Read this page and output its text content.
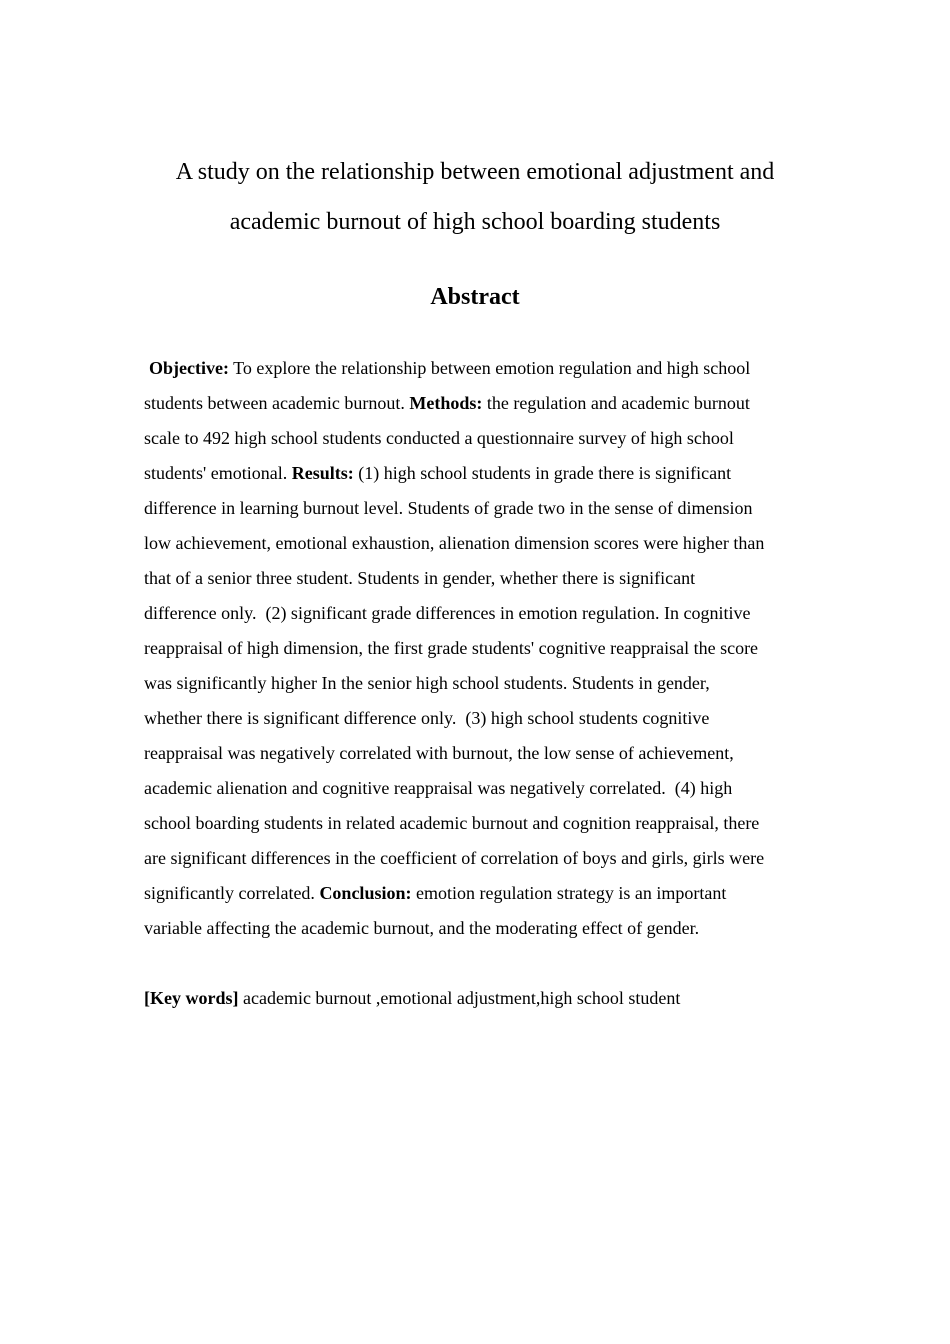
A study on the relationship between emotional adjustment and
academic burnout of high school boarding students
Abstract
Objective: To explore the relationship between emotion regulation and high school
students between academic burnout. Methods: the regulation and academic burnout
scale to 492 high school students conducted a questionnaire survey of high school
students' emotional. Results: (1) high school students in grade there is significant
difference in learning burnout level. Students of grade two in the sense of dimension
low achievement, emotional exhaustion, alienation dimension scores were higher than
that of a senior three student. Students in gender, whether there is significant
difference only.  (2) significant grade differences in emotion regulation. In cognitive
reappraisal of high dimension, the first grade students' cognitive reappraisal the score
was significantly higher In the senior high school students. Students in gender,
whether there is significant difference only.  (3) high school students cognitive
reappraisal was negatively correlated with burnout, the low sense of achievement,
academic alienation and cognitive reappraisal was negatively correlated.  (4) high
school boarding students in related academic burnout and cognition reappraisal, there
are significant differences in the coefficient of correlation of boys and girls, girls were
significantly correlated. Conclusion: emotion regulation strategy is an important
variable affecting the academic burnout, and the moderating effect of gender.
[Key words] academic burnout ,emotional adjustment,high school student
